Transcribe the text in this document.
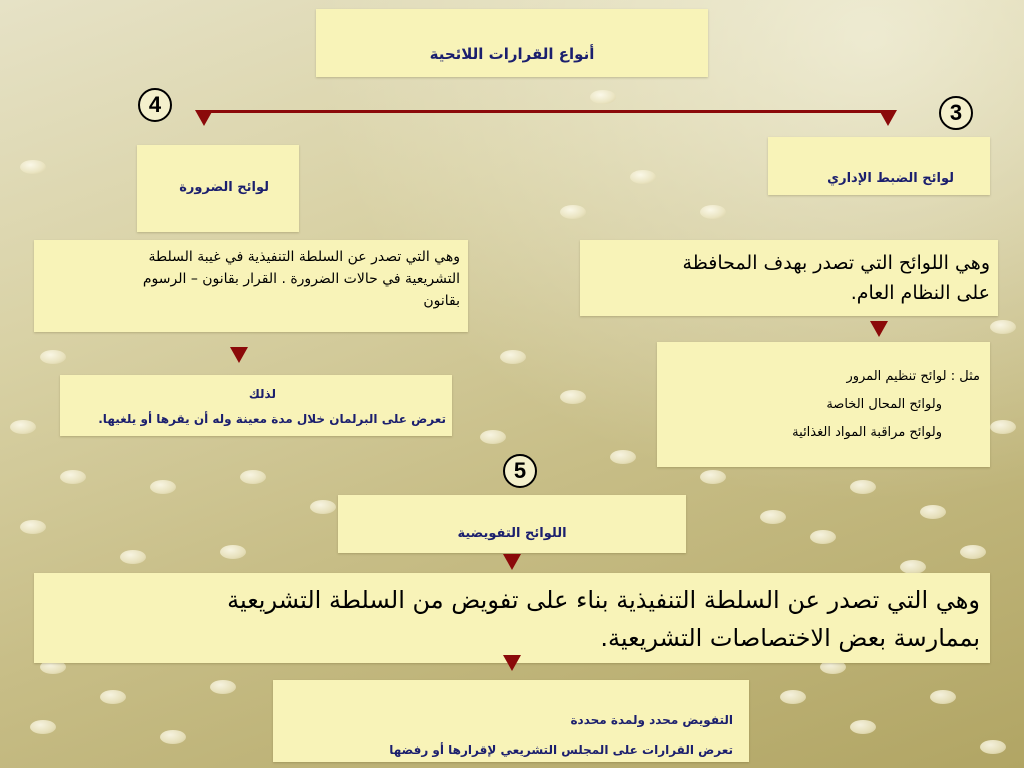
أنواع القرارات اللائحية
4	3
5
لوائح الضبط الإداري
وهي اللوائح التي تصدر بهدف المحافظة
على النظام العام.
مثل : لوائح تنظيم المرور
ولوائح المحال الخاصة
ولوائح مراقبة المواد الغذائية
لوائح الضرورة
وهي التي تصدر عن السلطة التنفيذية في غيبة السلطة
التشريعية في حالات الضرورة . القرار بقانون – الرسوم
بقانون
لذلك
تعرض على البرلمان خلال مدة معينة وله أن يقرها أو يلغيها.
اللوائح التفويضية
وهي التي تصدر عن السلطة التنفيذية بناء على تفويض من السلطة التشريعية
بممارسة بعض الاختصاصات التشريعية.
التفويض محدد ولمدة محددة
تعرض القرارات على المجلس التشريعي لإقرارها أو رفضها
